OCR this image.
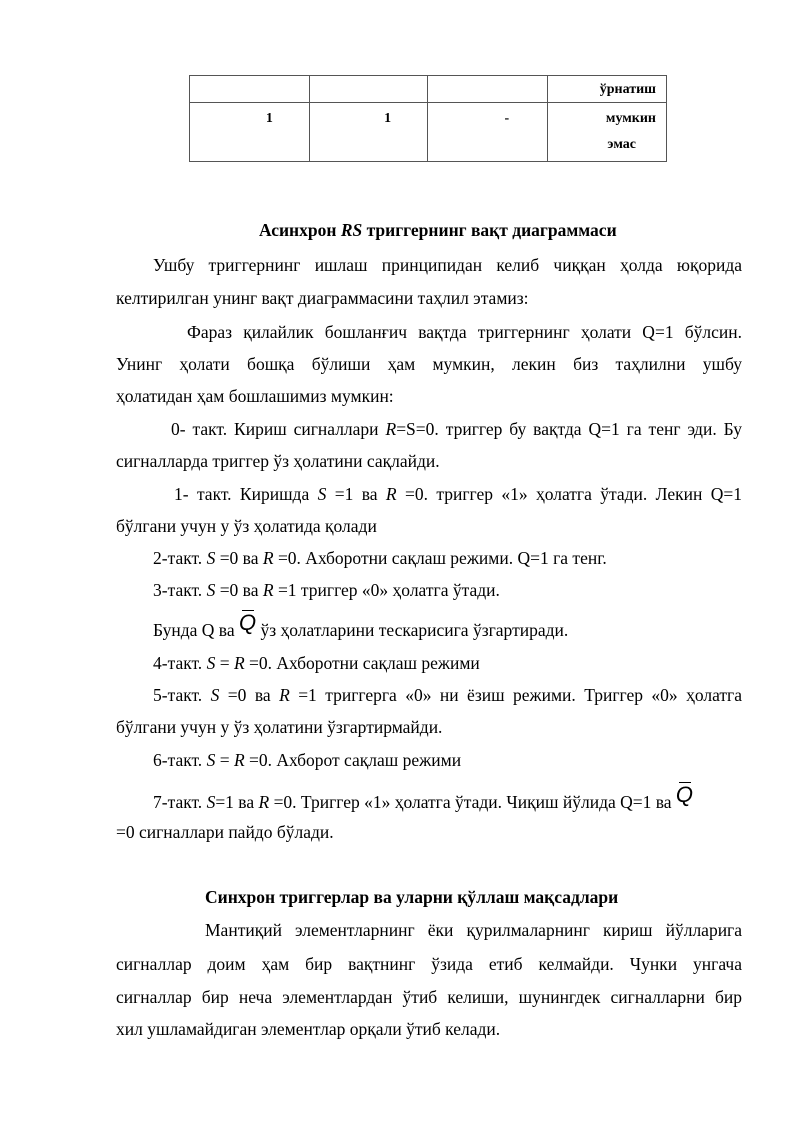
			ўрнатиш

1	1	-	мумкин
эмас
Асинхрон RS триггернинг вақт диаграммаси
Ушбу триггернинг ишлаш принципидан келиб чиққан ҳолда юқорида
келтирилган унинг вақт диаграммасини таҳлил этамиз:
Фараз қилайлик бошланғич вақтда триггернинг ҳолати Q=1 бўлсин.
Унинг ҳолати бошқа бўлиши ҳам мумкин, лекин биз таҳлилни ушбу
ҳолатидан ҳам бошлашимиз мумкин:
0- такт. Кириш сигналлари R=S=0. триггер бу вақтда Q=1 га тенг эди. Бу
сигналларда триггер ўз ҳолатини сақлайди.
1- такт. Киришда S =1 ва R =0. триггер «1» ҳолатга ўтади. Лекин Q=1
бўлгани учун у ўз ҳолатида қолади
2-такт. S =0 ва R =0. Ахборотни сақлаш режими. Q=1 га тенг.
3-такт. S =0 ва R =1 триггер «0» ҳолатга ўтади.
Бунда Q ва Q ўз ҳолатларини тескарисига ўзгартиради.
4-такт. S = R =0. Ахборотни сақлаш режими
5-такт. S =0 ва R =1 триггерга «0» ни ёзиш режими. Триггер «0» ҳолатга
бўлгани учун у ўз ҳолатини ўзгартирмайди.
6-такт. S = R =0. Ахборот сақлаш режими
7-такт. S=1 ва R =0. Триггер «1» ҳолатга ўтади. Чиқиш йўлида Q=1 ва Q
=0 сигналлари пайдо бўлади.
Синхрон триггерлар ва уларни қўллаш мақсадлари
Мантиқий элементларнинг ёки қурилмаларнинг кириш йўлларига
сигналлар доим ҳам бир вақтнинг ўзида етиб келмайди. Чунки унгача
сигналлар бир неча элементлардан ўтиб келиши, шунингдек сигналларни бир
хил ушламайдиган элементлар орқали ўтиб келади.
